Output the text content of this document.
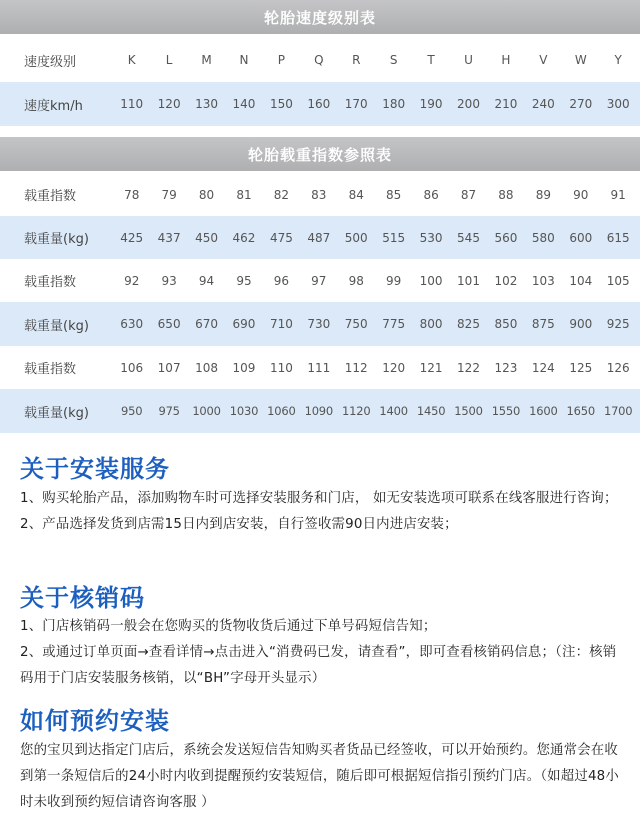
轮胎速度级别表
速度级别	K	L	M	N	P	Q	R	S	T	U	H	V	W	Y
速度km/h	110	120	130	140	150	160	170	180	190	200	210	240	270	300
轮胎载重指数参照表
载重指数	78	79	80	81	82	83	84	85	86	87	88	89	90	91
载重量(kg)	425	437	450	462	475	487	500	515	530	545	560	580	600	615
载重指数	92	93	94	95	96	97	98	99	100	101	102	103	104	105
载重量(kg)	630	650	670	690	710	730	750	775	800	825	850	875	900	925
载重指数	106	107	108	109	110	111	112	120	121	122	123	124	125	126
载重量(kg)	950	975	1000 1030 1060 1090 1120 1400 1450 1500 1550 1600 1650 1700
关于安装服务

1、购买轮胎产品，添加购物车时可选择安装服务和门店， 如无安装选项可联系在线客服进行咨询；

2、产品选择发货到店需15日内到店安装，自行签收需90日内进店安装；

关于核销码

1、门店核销码一般会在您购买的货物收货后通过下单号码短信告知；

2、或通过订单页面→查看详情→点击进入“消费码已发，请查看”，即可查看核销码信息；（注：核销码用于门店安装服务核销，以“BH”字母开头显示）

如何预约安装

您的宝贝到达指定门店后，系统会发送短信告知购买者货品已经签收，可以开始预约。您通常会在收到第一条短信后的24小时内收到提醒预约安装短信，随后即可根据短信指引预约门店。（如超过48小时未收到预约短信请咨询客服 ）
